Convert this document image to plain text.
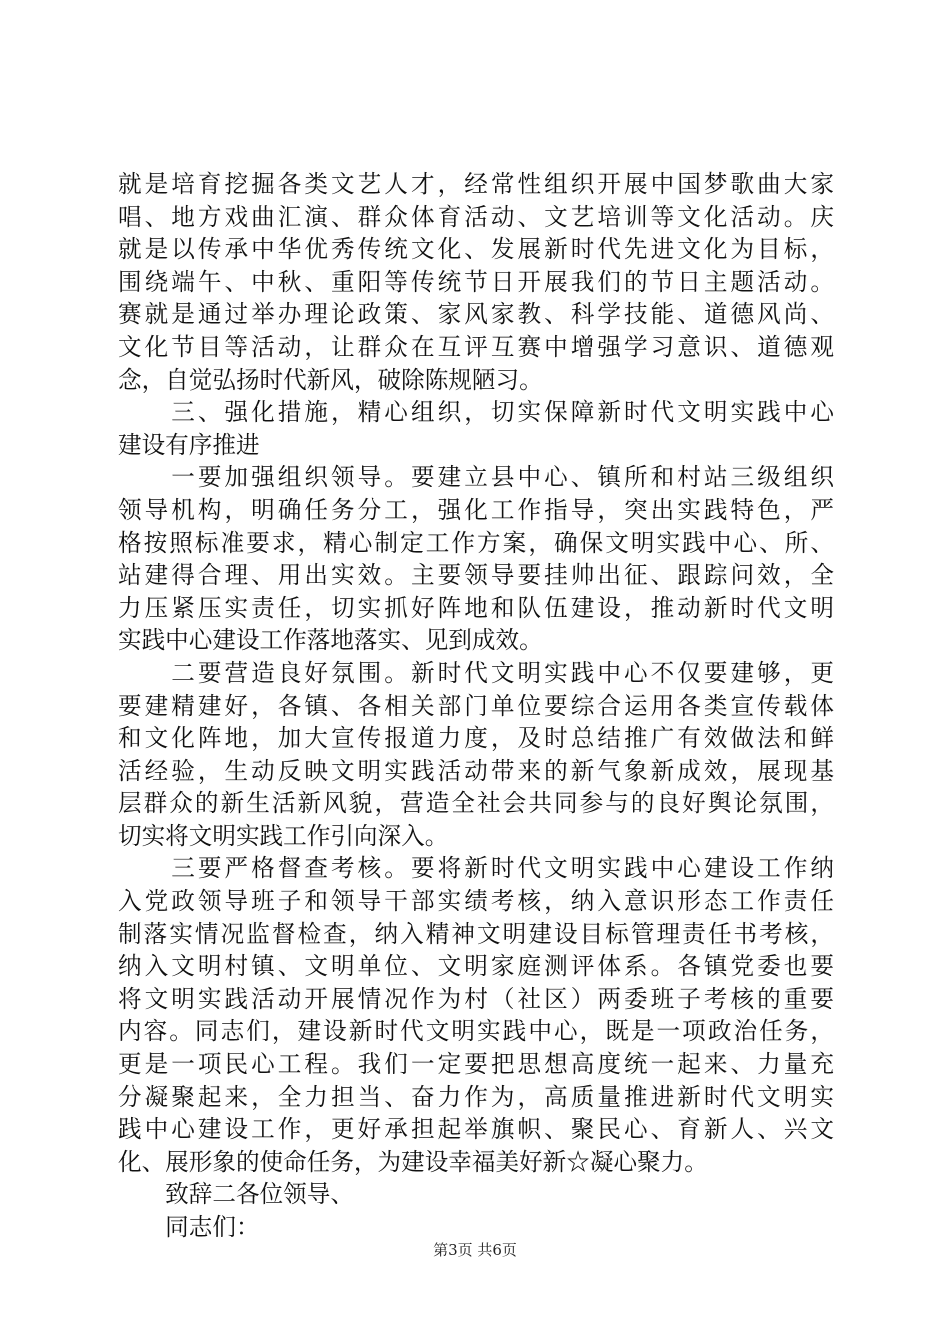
就是培育挖掘各类文艺人才，经常性组织开展中国梦歌曲大家
唱、地方戏曲汇演、群众体育活动、文艺培训等文化活动。庆
就是以传承中华优秀传统文化、发展新时代先进文化为目标，
围绕端午、中秋、重阳等传统节日开展我们的节日主题活动。
赛就是通过举办理论政策、家风家教、科学技能、道德风尚、
文化节目等活动，让群众在互评互赛中增强学习意识、道德观
念，自觉弘扬时代新风，破除陈规陋习。
　　三、强化措施，精心组织，切实保障新时代文明实践中心
建设有序推进
　　一要加强组织领导。要建立县中心、镇所和村站三级组织
领导机构，明确任务分工，强化工作指导，突出实践特色，严
格按照标准要求，精心制定工作方案，确保文明实践中心、所、
站建得合理、用出实效。主要领导要挂帅出征、跟踪问效，全
力压紧压实责任，切实抓好阵地和队伍建设，推动新时代文明
实践中心建设工作落地落实、见到成效。
　　二要营造良好氛围。新时代文明实践中心不仅要建够，更
要建精建好，各镇、各相关部门单位要综合运用各类宣传载体
和文化阵地，加大宣传报道力度，及时总结推广有效做法和鲜
活经验，生动反映文明实践活动带来的新气象新成效，展现基
层群众的新生活新风貌，营造全社会共同参与的良好舆论氛围，
切实将文明实践工作引向深入。
　　三要严格督查考核。要将新时代文明实践中心建设工作纳
入党政领导班子和领导干部实绩考核，纳入意识形态工作责任
制落实情况监督检查，纳入精神文明建设目标管理责任书考核，
纳入文明村镇、文明单位、文明家庭测评体系。各镇党委也要
将文明实践活动开展情况作为村（社区）两委班子考核的重要
内容。同志们，建设新时代文明实践中心，既是一项政治任务，
更是一项民心工程。我们一定要把思想高度统一起来、力量充
分凝聚起来，全力担当、奋力作为，高质量推进新时代文明实
践中心建设工作，更好承担起举旗帜、聚民心、育新人、兴文
化、展形象的使命任务，为建设幸福美好新☆凝心聚力。
　　致辞二各位领导、
　　同志们：
第3页 共6页
